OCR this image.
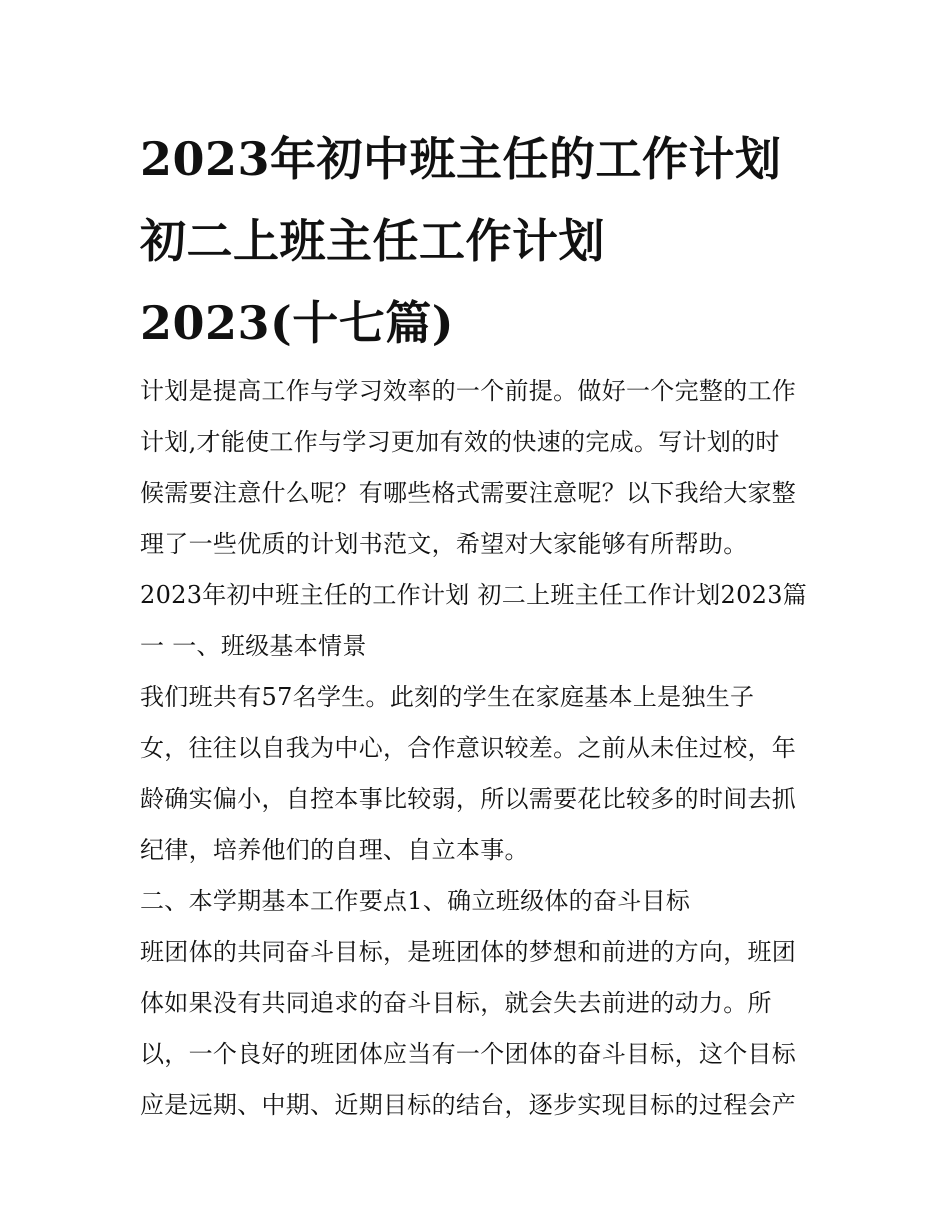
2023年初中班主任的工作计划
初二上班主任工作计划
2023(十七篇)
计划是提高工作与学习效率的一个前提。做好一个完整的工作
计划,才能使工作与学习更加有效的快速的完成。写计划的时
候需要注意什么呢？有哪些格式需要注意呢？以下我给大家整
理了一些优质的计划书范文，希望对大家能够有所帮助。
2023年初中班主任的工作计划 初二上班主任工作计划2023篇
一 一、班级基本情景
我们班共有57名学生。此刻的学生在家庭基本上是独生子
女，往往以自我为中心，合作意识较差。之前从未住过校，年
龄确实偏小，自控本事比较弱，所以需要花比较多的时间去抓
纪律，培养他们的自理、自立本事。
二、本学期基本工作要点1、确立班级体的奋斗目标
班团体的共同奋斗目标，是班团体的梦想和前进的方向，班团
体如果没有共同追求的奋斗目标，就会失去前进的动力。所
以，一个良好的班团体应当有一个团体的奋斗目标，这个目标
应是远期、中期、近期目标的结台，逐步实现目标的过程会产
